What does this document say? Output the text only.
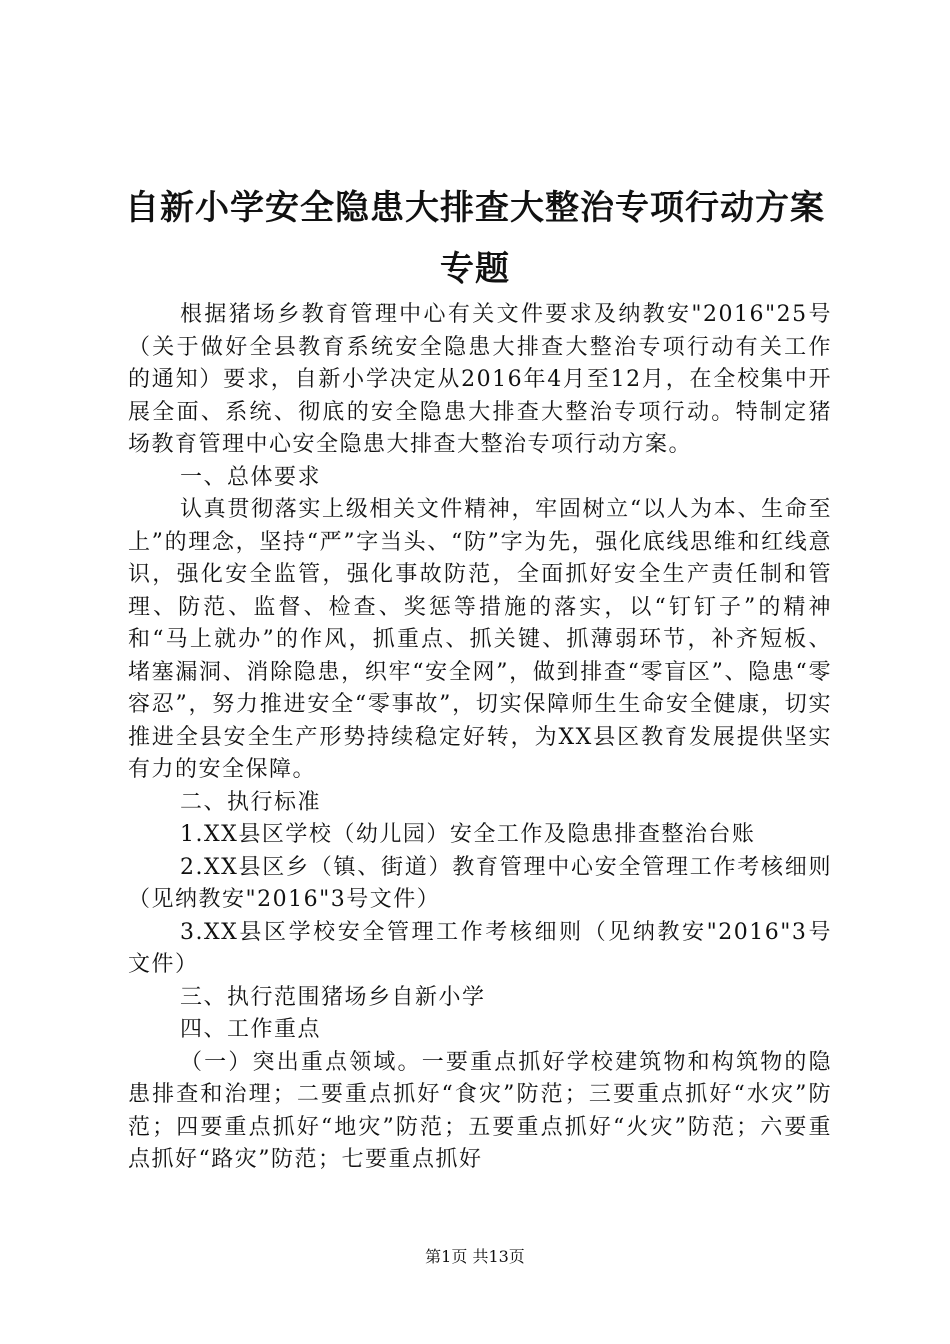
自新小学安全隐患大排查大整治专项行动方案
专题

根据猪场乡教育管理中心有关文件要求及纳教安"2016"25号（关于做好全县教育系统安全隐患大排查大整治专项行动有关工作的通知）要求，自新小学决定从2016年4月至12月，在全校集中开展全面、系统、彻底的安全隐患大排查大整治专项行动。特制定猪场教育管理中心安全隐患大排查大整治专项行动方案。

一、总体要求

认真贯彻落实上级相关文件精神，牢固树立“以人为本、生命至上”的理念，坚持“严”字当头、“防”字为先，强化底线思维和红线意识，强化安全监管，强化事故防范，全面抓好安全生产责任制和管理、防范、监督、检查、奖惩等措施的落实，以“钉钉子”的精神和“马上就办”的作风，抓重点、抓关键、抓薄弱环节，补齐短板、堵塞漏洞、消除隐患，织牢“安全网”，做到排查“零盲区”、隐患“零容忍”，努力推进安全“零事故”，切实保障师生生命安全健康，切实推进全县安全生产形势持续稳定好转，为XX县区教育发展提供坚实有力的安全保障。

二、执行标准

1.XX县区学校（幼儿园）安全工作及隐患排查整治台账

2.XX县区乡（镇、街道）教育管理中心安全管理工作考核细则（见纳教安"2016"3号文件）

3.XX县区学校安全管理工作考核细则（见纳教安"2016"3号文件）

三、执行范围猪场乡自新小学

四、工作重点

（一）突出重点领域。一要重点抓好学校建筑物和构筑物的隐患排查和治理；二要重点抓好“食灾”防范；三要重点抓好“水灾”防范；四要重点抓好“地灾”防范；五要重点抓好“火灾”防范；六要重点抓好“路灾”防范；七要重点抓好

第1页 共13页
